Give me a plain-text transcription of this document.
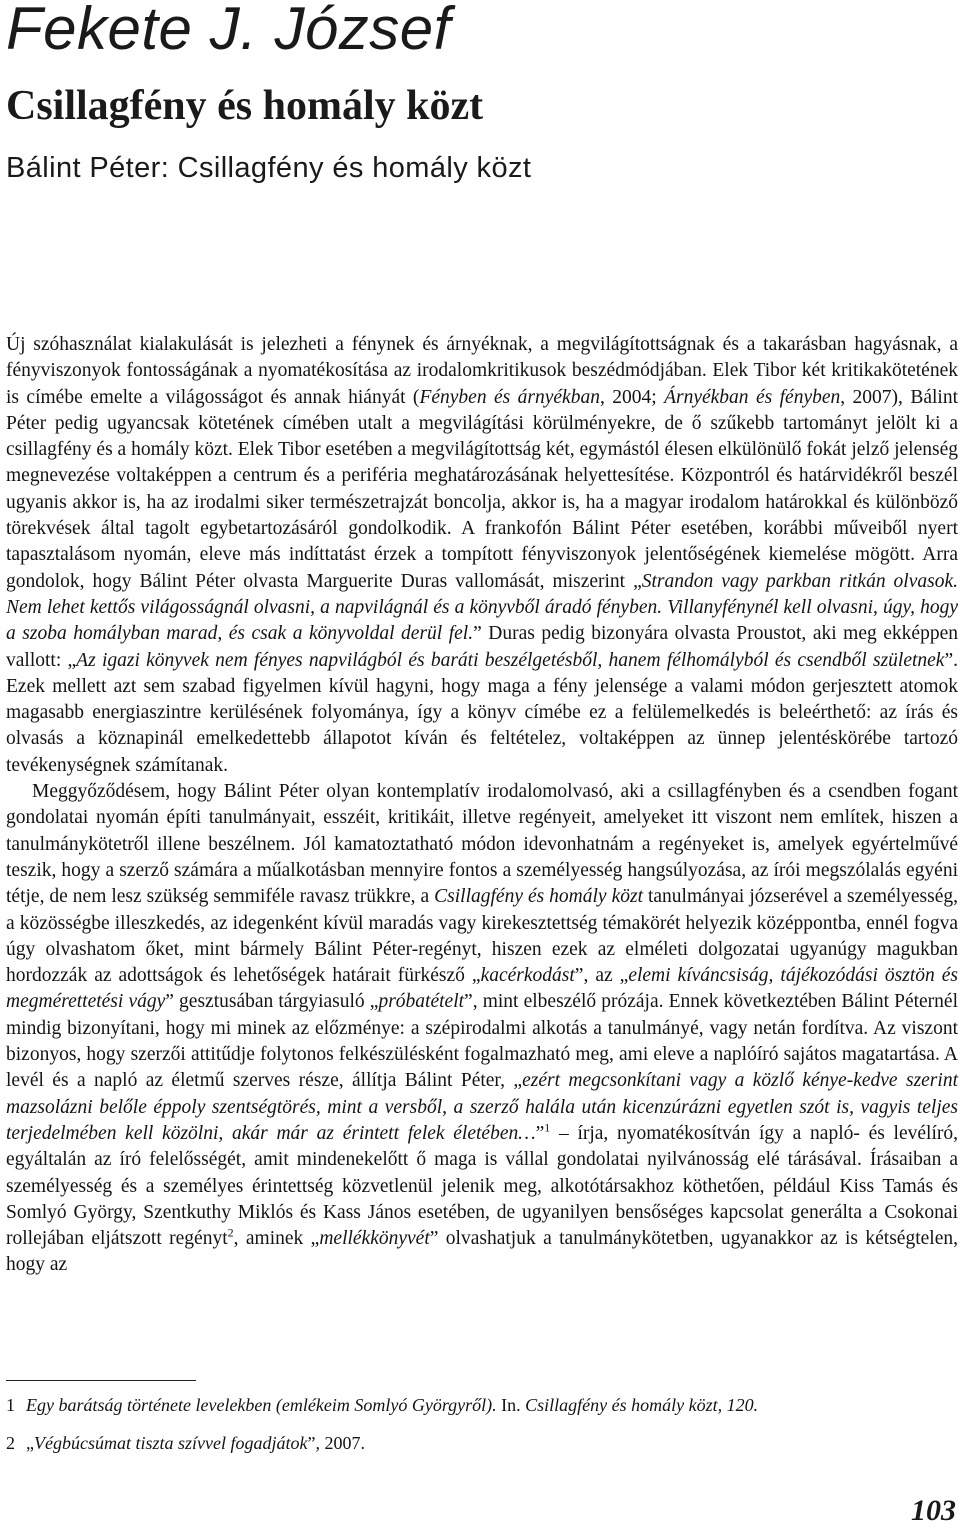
Fekete J. József
Csillagfény és homály közt
Bálint Péter: Csillagfény és homály közt

Új szóhasználat kialakulását is jelezheti a fénynek és árnyéknak, a megvilágítottságnak és a takarásban hagyásnak, a fényviszonyok fontosságának a nyomatékosítása az irodalomkritikusok beszédmódjában. Elek Tibor két kritikakötetének is címébe emelte a világosságot és annak hiányát (Fényben és árnyékban, 2004; Árnyékban és fényben, 2007), Bálint Péter pedig ugyancsak kötetének címében utalt a megvilágítási körülményekre, de ő szűkebb tartományt jelölt ki a csillagfény és a homály közt. Elek Tibor esetében a megvilágítottság két, egymástól élesen elkülönülő fokát jelző jelenség megnevezése voltaképpen a centrum és a periféria meghatározásának helyettesítése. Központról és határvidékről beszél ugyanis akkor is, ha az irodalmi siker természetrajzát boncolja, akkor is, ha a magyar irodalom határokkal és különböző törekvések által tagolt egybetartozásáról gondolkodik. A frankofón Bálint Péter esetében, korábbi műveiből nyert tapasztalásom nyomán, eleve más indíttatást érzek a tompított fényviszonyok jelentőségének kiemelése mögött. Arra gondolok, hogy Bálint Péter olvasta Marguerite Duras vallomását, miszerint „Strandon vagy parkban ritkán olvasok. Nem lehet kettős világosságnál olvasni, a napvilágnál és a könyvből áradó fényben. Villanyfénynél kell olvasni, úgy, hogy a szoba homályban marad, és csak a könyvoldal derül fel.” Duras pedig bizonyára olvasta Proustot, aki meg ekképpen vallott: „Az igazi könyvek nem fényes napvilágból és baráti beszélgetésből, hanem félhomályból és csendből születnek”. Ezek mellett azt sem szabad figyelmen kívül hagyni, hogy maga a fény jelensége a valami módon gerjesztett atomok magasabb energiaszintre kerülésének folyománya, így a könyv címébe ez a felülemelkedés is beleérthető: az írás és olvasás a köznapinál emelkedettebb állapotot kíván és feltételez, voltaképpen az ünnep jelentéskörébe tartozó tevékenységnek számítanak.

Meggyőződésem, hogy Bálint Péter olyan kontemplatív irodalomolvasó, aki a csillagfényben és a csendben fogant gondolatai nyomán építi tanulmányait, esszéit, kritikáit, illetve regényeit, amelyeket itt viszont nem említek, hiszen a tanulmánykötetről illene beszélnem. Jól kamatoztatható módon idevonhatnám a regényeket is, amelyek egyértelművé teszik, hogy a szerző számára a műalkotásban mennyire fontos a személyesség hangsúlyozása, az írói megszólalás egyéni tétje, de nem lesz szükség semmiféle ravasz trükkre, a Csillagfény és homály közt tanulmányai józserével a személyesség, a közösségbe illeszkedés, az idegenként kívül maradás vagy kirekesztettség témakörét helyezik középpontba, ennél fogva úgy olvashatom őket, mint bármely Bálint Péter-regényt, hiszen ezek az elméleti dolgozatai ugyanúgy magukban hordozzák az adottságok és lehetőségek határait fürkésző „kacérkodást”, az „elemi kíváncsiság, tájékozódási ösztön és megmérettetési vágy” gesztusában tárgyiasuló „próbatételt”, mint elbeszélő prózája. Ennek következtében Bálint Péternél mindig bizonyítani, hogy mi minek az előzménye: a szépirodalmi alkotás a tanulmányé, vagy netán fordítva. Az viszont bizonyos, hogy szerzői attitűdje folytonos felkészülésként fogalmazható meg, ami eleve a naplóíró sajátos magatartása. A levél és a napló az életmű szerves része, állítja Bálint Péter, „ezért megcsonkítani vagy a közlő kénye-kedve szerint mazsolázni belőle éppoly szentségtörés, mint a versből, a szerző halála után kicenzúrázni egyetlen szót is, vagyis teljes terjedelmében kell közölni, akár már az érintett felek életében…”$^1$ – írja, nyomatékosítván így a napló- és levélíró, egyáltalán az író felelősségét, amit mindenekelőtt ő maga is vállal gondolatai nyilvánosság elé tárásával. Írásaiban a személyesség és a személyes érintettség közvetlenül jelenik meg, alkotótársakhoz köthetően, például Kiss Tamás és Somlyó György, Szentkuthy Miklós és Kass János esetében, de ugyanilyen bensőséges kapcsolat generálta a Csokonai rollejában eljátszott regényt$^2$, aminek „mellékkönyvét” olvashatjuk a tanulmánykötetben, ugyanakkor az is kétségtelen, hogy az

1 Egy barátság története levelekben (emlékeim Somlyó Györgyről). In. Csillagfény és homály közt, 120.
2 „Végbúcsúmat tiszta szívvel fogadjátok”, 2007.
103
